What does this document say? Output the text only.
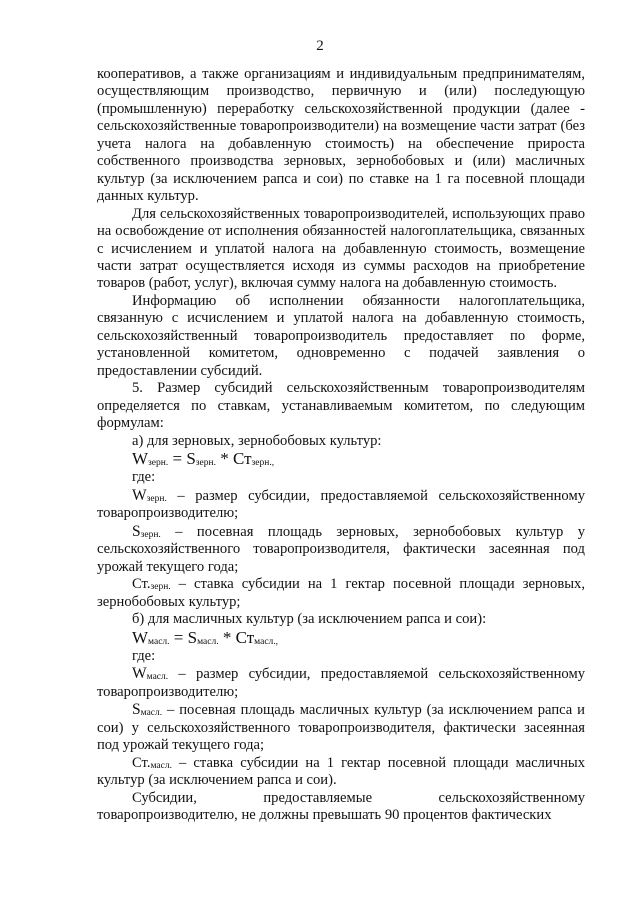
2

кооперативов, а также организациям и индивидуальным предпринимателям, осуществляющим производство, первичную и (или) последующую (промышленную) переработку сельскохозяйственной продукции (далее - сельскохозяйственные товаропроизводители) на возмещение части затрат (без учета налога на добавленную стоимость) на обеспечение прироста собственного производства зерновых, зернобобовых и (или) масличных культур (за исключением рапса и сои) по ставке на 1 га посевной площади данных культур.

Для сельскохозяйственных товаропроизводителей, использующих право на освобождение от исполнения обязанностей налогоплательщика, связанных с исчислением и уплатой налога на добавленную стоимость, возмещение части затрат осуществляется исходя из суммы расходов на приобретение товаров (работ, услуг), включая сумму налога на добавленную стоимость.

Информацию об исполнении обязанности налогоплательщика, связанную с исчислением и уплатой налога на добавленную стоимость, сельскохозяйственный товаропроизводитель предоставляет по форме, установленной комитетом, одновременно с подачей заявления о предоставлении субсидий.

5. Размер субсидий сельскохозяйственным товаропроизводителям определяется по ставкам, устанавливаемым комитетом, по следующим формулам:

а) для зерновых, зернобобовых культур:

$W_{зерн.} = S_{зерн.} * Ст_{зерн.,}$

где:

$W_{зерн.}$ – размер субсидии, предоставляемой сельскохозяйственному товаропроизводителю;

$S_{зерн.}$ – посевная площадь зерновых, зернобобовых культур у сельскохозяйственного товаропроизводителя, фактически засеянная под урожай текущего года;

$Ст._{зерн.}$ – ставка субсидии на 1 гектар посевной площади зерновых, зернобобовых культур;

б) для масличных культур (за исключением рапса и сои):

$W_{масл.} = S_{масл.} * Ст_{масл.,}$

где:

$W_{масл.}$ – размер субсидии, предоставляемой сельскохозяйственному товаропроизводителю;

$S_{масл.}$ – посевная площадь масличных культур (за исключением рапса и сои) у сельскохозяйственного товаропроизводителя, фактически засеянная под урожай текущего года;

$Ст._{масл.}$ – ставка субсидии на 1 гектар посевной площади масличных культур (за исключением рапса и сои).

Субсидии, предоставляемые сельскохозяйственному товаропроизводителю, не должны превышать 90 процентов фактических
